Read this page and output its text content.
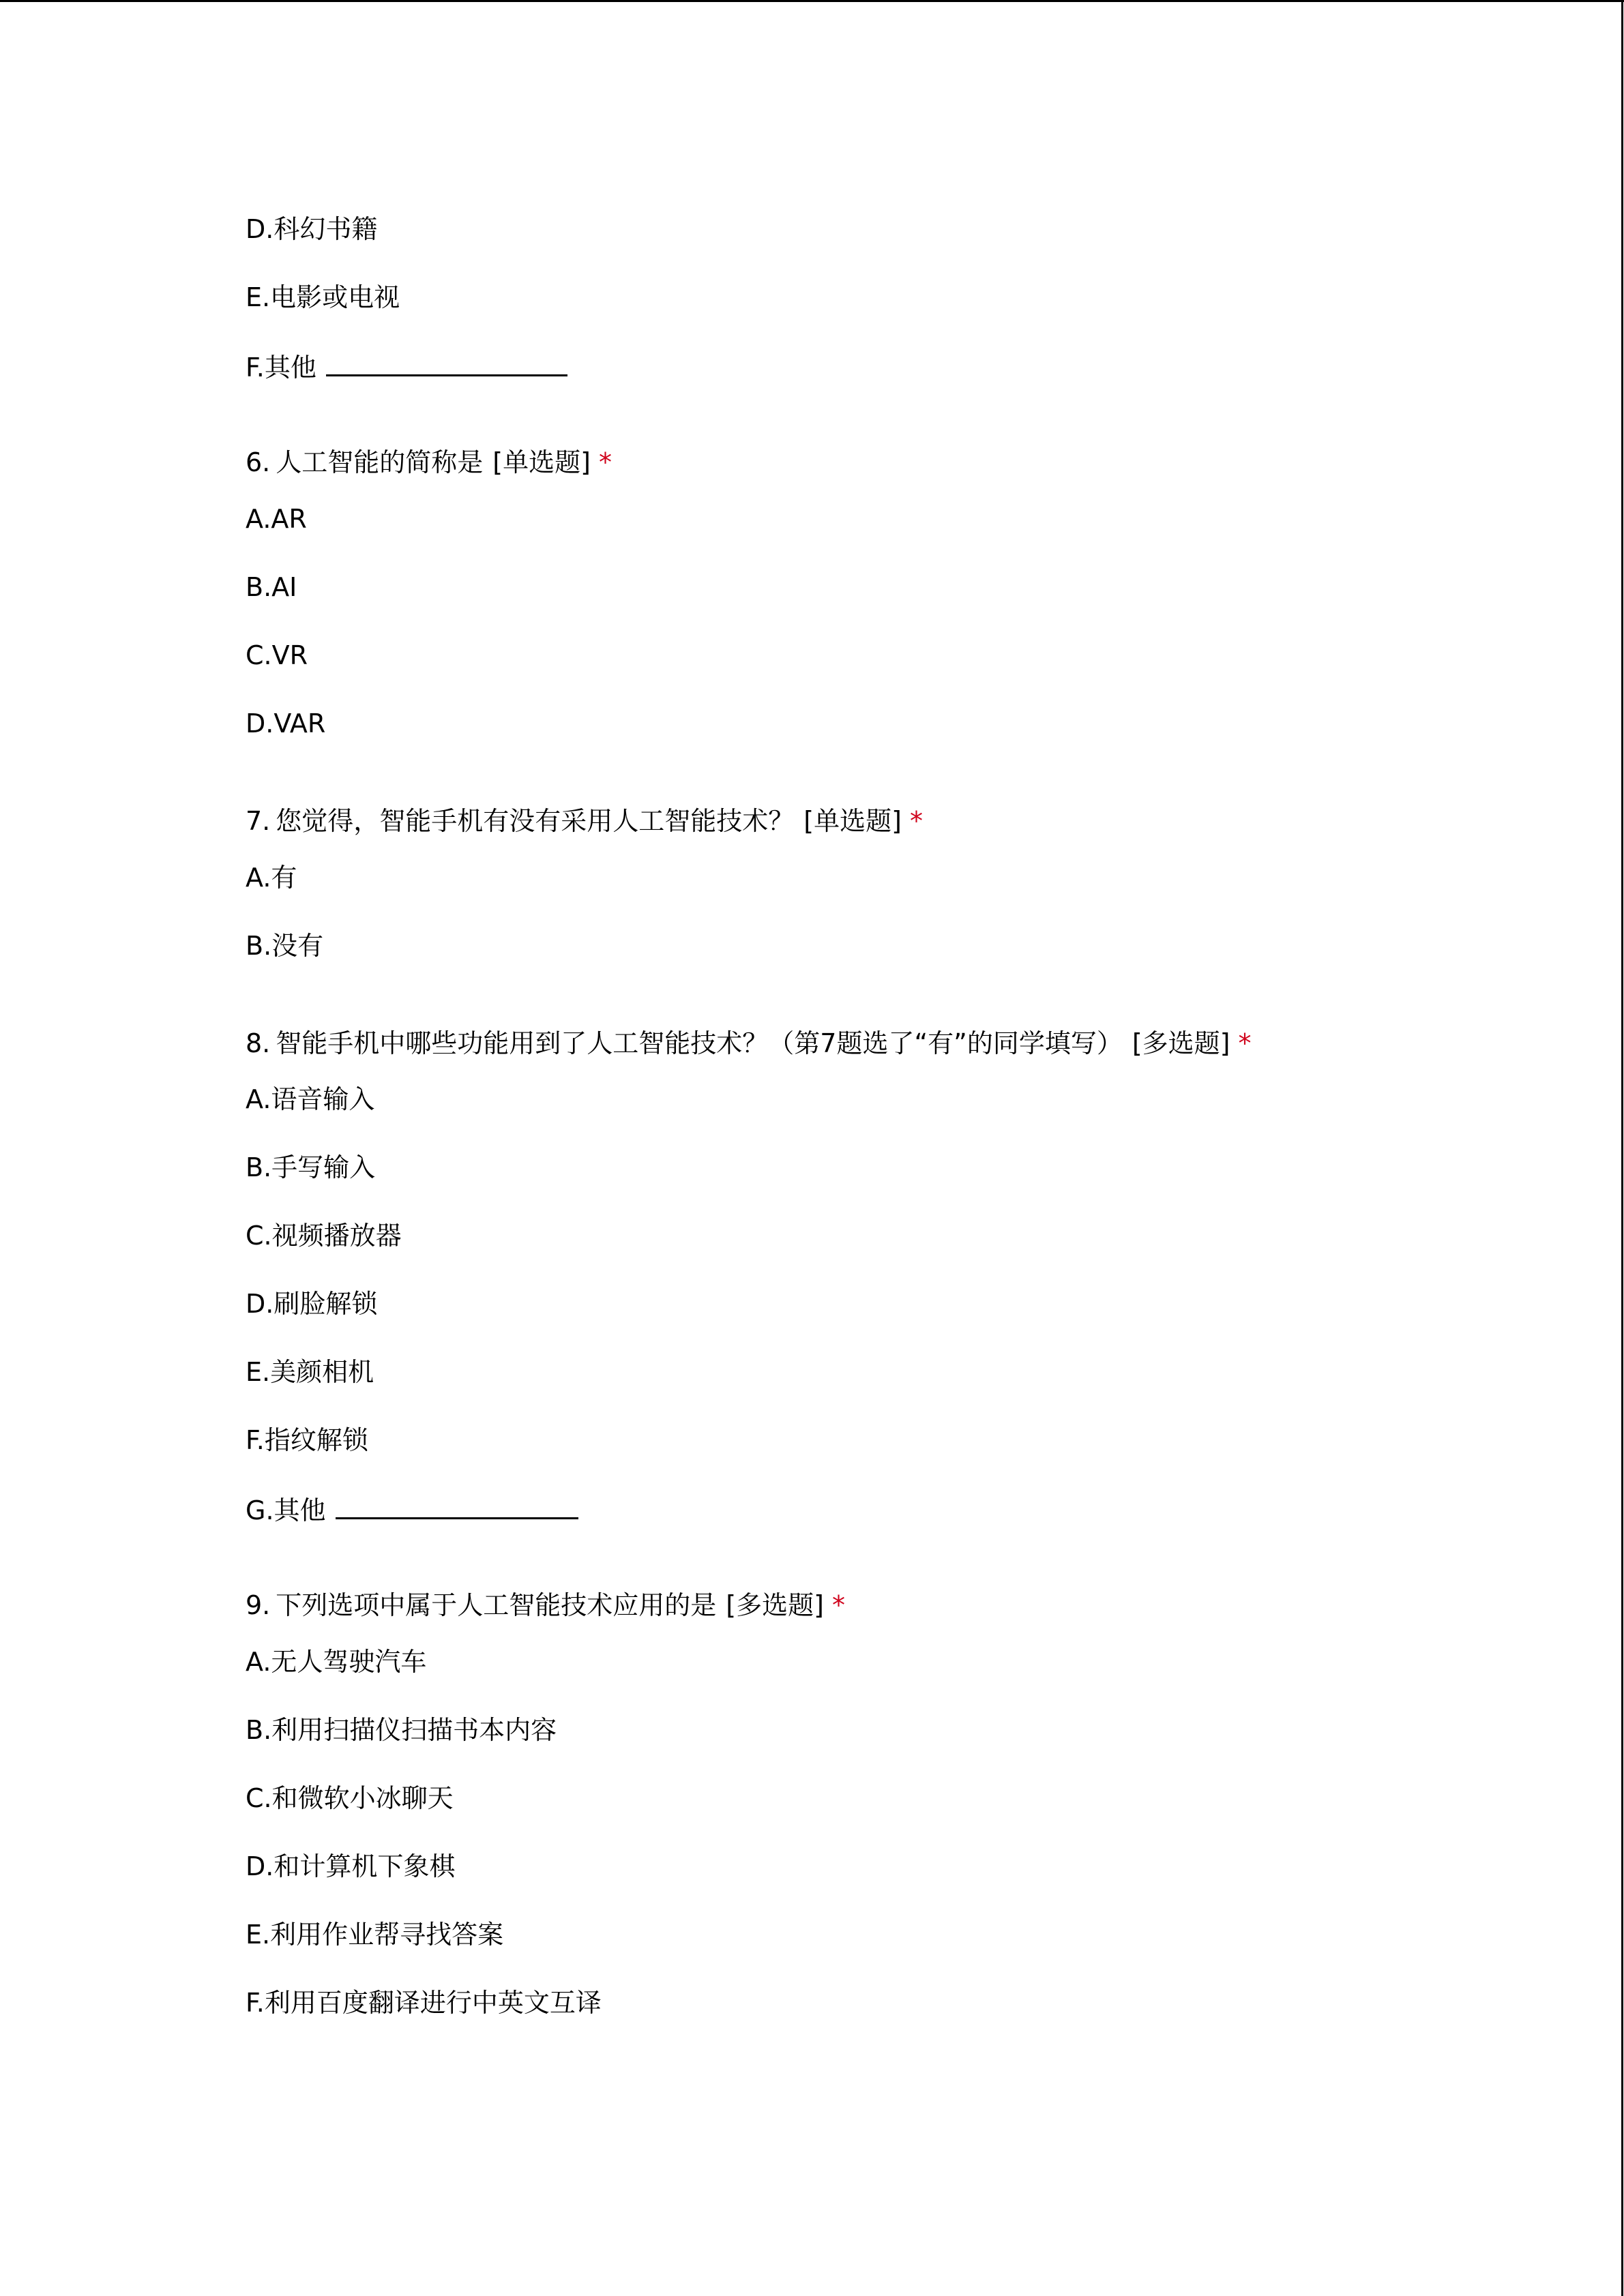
D.科幻书籍
E.电影或电视
F.其他
6. 人工智能的简称是 [单选题] *
A.AR
B.AI
C.VR
D.VAR
7. 您觉得，智能手机有没有采用人工智能技术？ [单选题] *
A.有
B.没有
8. 智能手机中哪些功能用到了人工智能技术？（第7题选了“有”的同学填写） [多选题] *
A.语音输入
B.手写输入
C.视频播放器
D.刷脸解锁
E.美颜相机
F.指纹解锁
G.其他
9. 下列选项中属于人工智能技术应用的是 [多选题] *
A.无人驾驶汽车
B.利用扫描仪扫描书本内容
C.和微软小冰聊天
D.和计算机下象棋
E.利用作业帮寻找答案
F.利用百度翻译进行中英文互译
